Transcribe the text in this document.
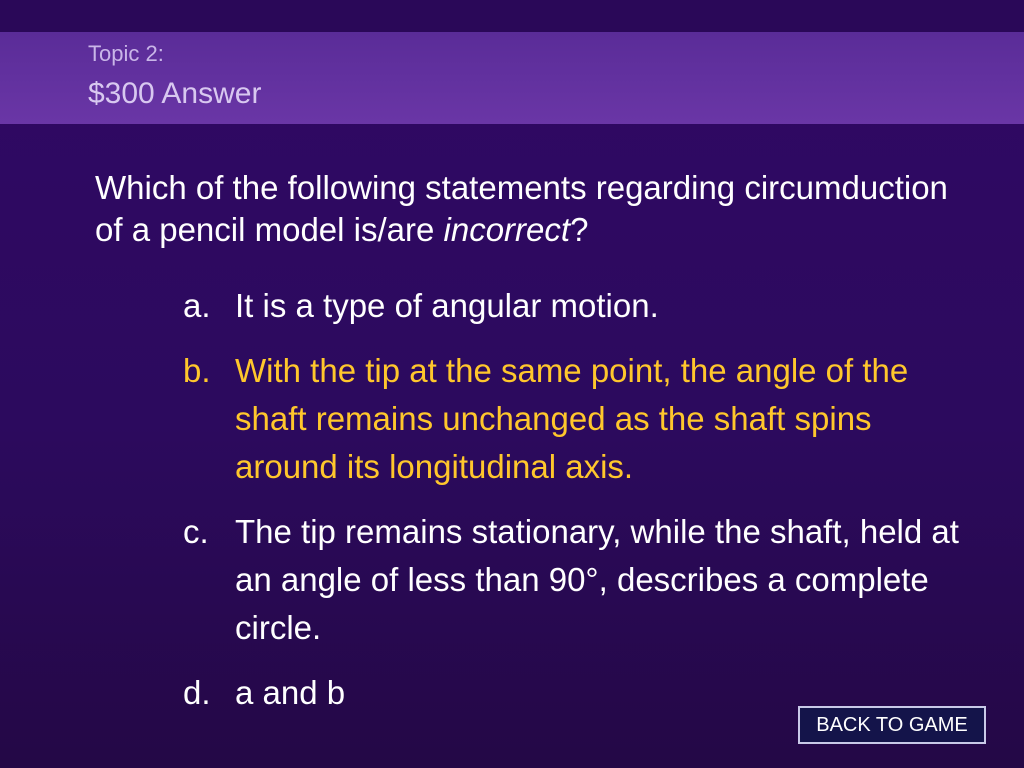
Topic 2:
$300 Answer
Which of the following statements regarding circumduction of a pencil model is/are incorrect?
a. It is a type of angular motion.
b. With the tip at the same point, the angle of the shaft remains unchanged as the shaft spins around its longitudinal axis.
c. The tip remains stationary, while the shaft, held at an angle of less than 90°, describes a complete circle.
d. a and b
BACK TO GAME
